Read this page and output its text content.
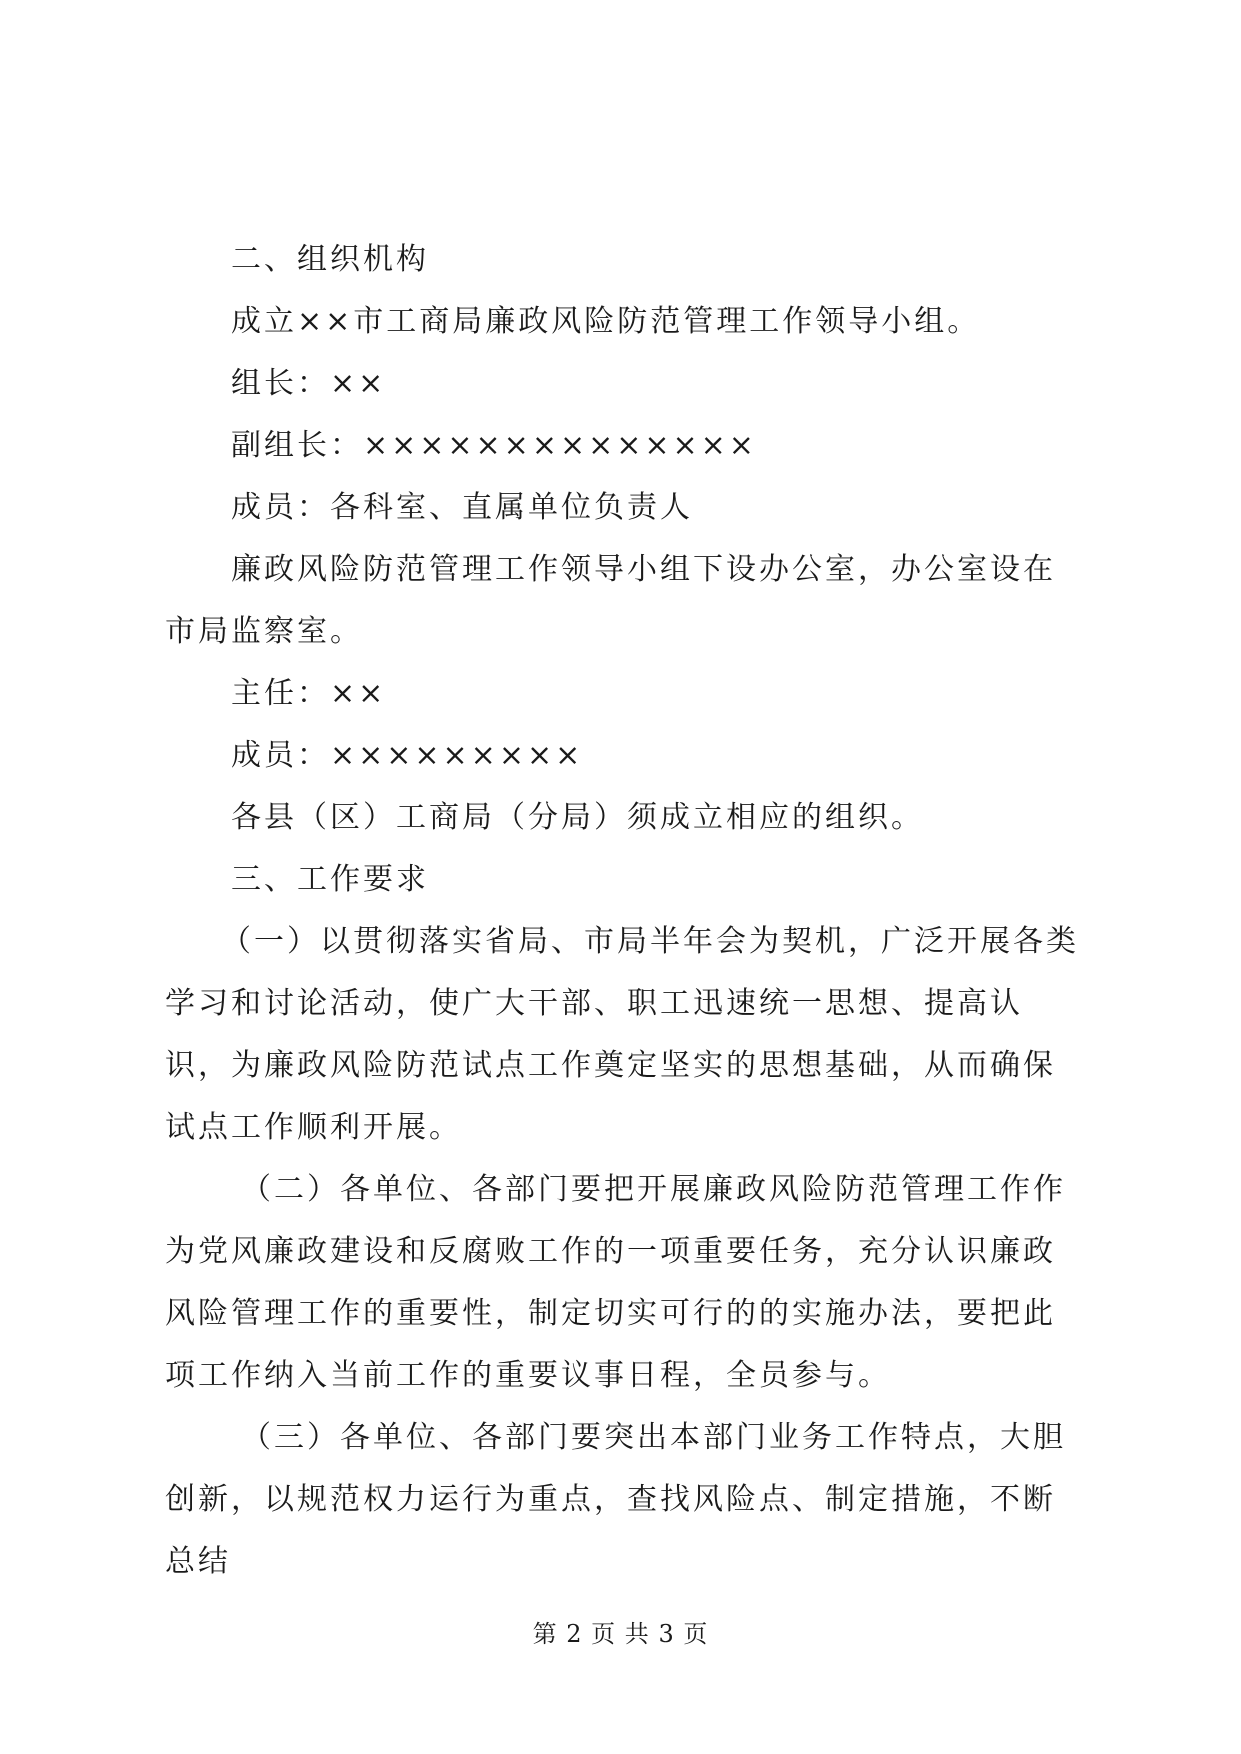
二、组织机构

成立××市工商局廉政风险防范管理工作领导小组。

组长：××

副组长：××××××××××××××

成员：各科室、直属单位负责人

廉政风险防范管理工作领导小组下设办公室，办公室设在市局监察室。

主任：××

成员：×××××××××

各县（区）工商局（分局）须成立相应的组织。

三、工作要求

（一）以贯彻落实省局、市局半年会为契机，广泛开展各类学习和讨论活动，使广大干部、职工迅速统一思想、提高认识，为廉政风险防范试点工作奠定坚实的思想基础，从而确保试点工作顺利开展。

（二）各单位、各部门要把开展廉政风险防范管理工作作为党风廉政建设和反腐败工作的一项重要任务，充分认识廉政风险管理工作的重要性，制定切实可行的的实施办法，要把此项工作纳入当前工作的重要议事日程，全员参与。

（三）各单位、各部门要突出本部门业务工作特点，大胆创新，以规范权力运行为重点，查找风险点、制定措施，不断总结

第 2 页 共 3 页
